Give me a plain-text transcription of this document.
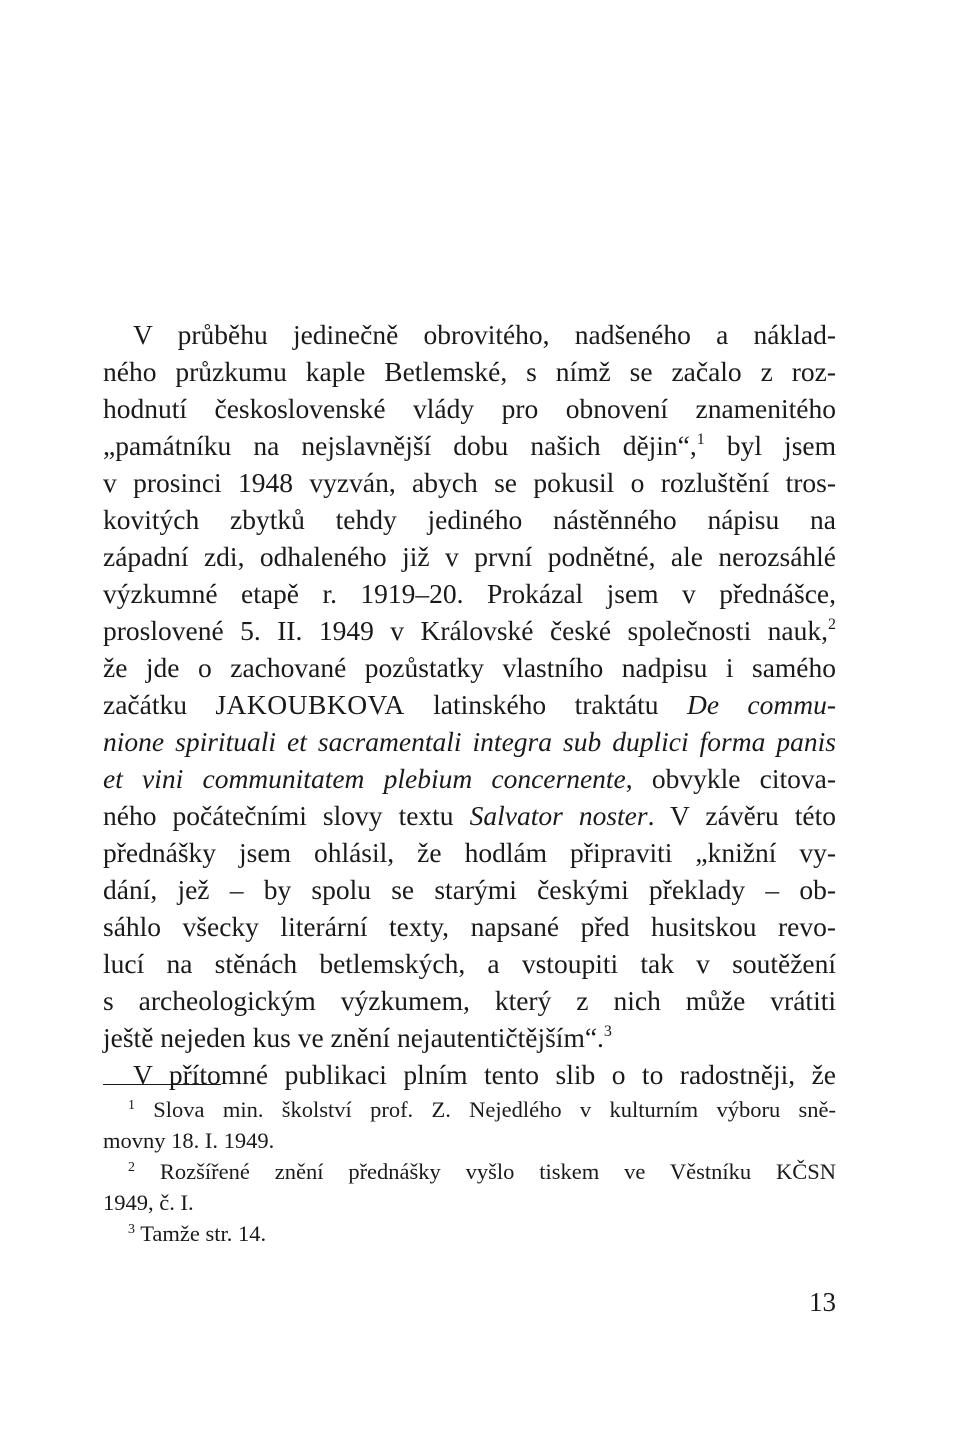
V průběhu jedinečně obrovitého, nadšeného a náklad-
ného průzkumu kaple Betlemské, s nímž se začalo z roz-
hodnutí československé vlády pro obnovení znamenitého
„památníku na nejslavnější dobu našich dějin“,$^1$ byl jsem
v prosinci 1948 vyzván, abych se pokusil o rozluštění tros-
kovitých zbytků tehdy jediného nástěnného nápisu na
západní zdi, odhaleného již v první podnětné, ale nerozsáhlé
výzkumné etapě r. 1919–20. Prokázal jsem v přednášce,
proslovené 5. II. 1949 v Královské české společnosti nauk,$^2$
že jde o zachované pozůstatky vlastního nadpisu i samého
začátku JAKOUBKOVA latinského traktátu De commu-
nione spirituali et sacramentali integra sub duplici forma panis
et vini communitatem plebium concernente, obvykle citova-
ného počátečními slovy textu Salvator noster. V závěru této
přednášky jsem ohlásil, že hodlám připraviti „knižní vy-
dání, jež – by spolu se starými českými překlady – ob-
sáhlo všecky literární texty, napsané před husitskou revo-
lucí na stěnách betlemských, a vstoupiti tak v soutěžení
s archeologickým výzkumem, který z nich může vrátiti
ještě nejeden kus ve znění nejautentičtějším“.$^3$
V přítomné publikaci plním tento slib o to radostněji, že
$^1$ Slova min. školství prof. Z. Nejedlého v kulturním výboru sně-
movny 18. I. 1949.
$^2$ Rozšířené znění přednášky vyšlo tiskem ve Věstníku KČSN
1949, č. I.
$^3$ Tamže str. 14.
13
